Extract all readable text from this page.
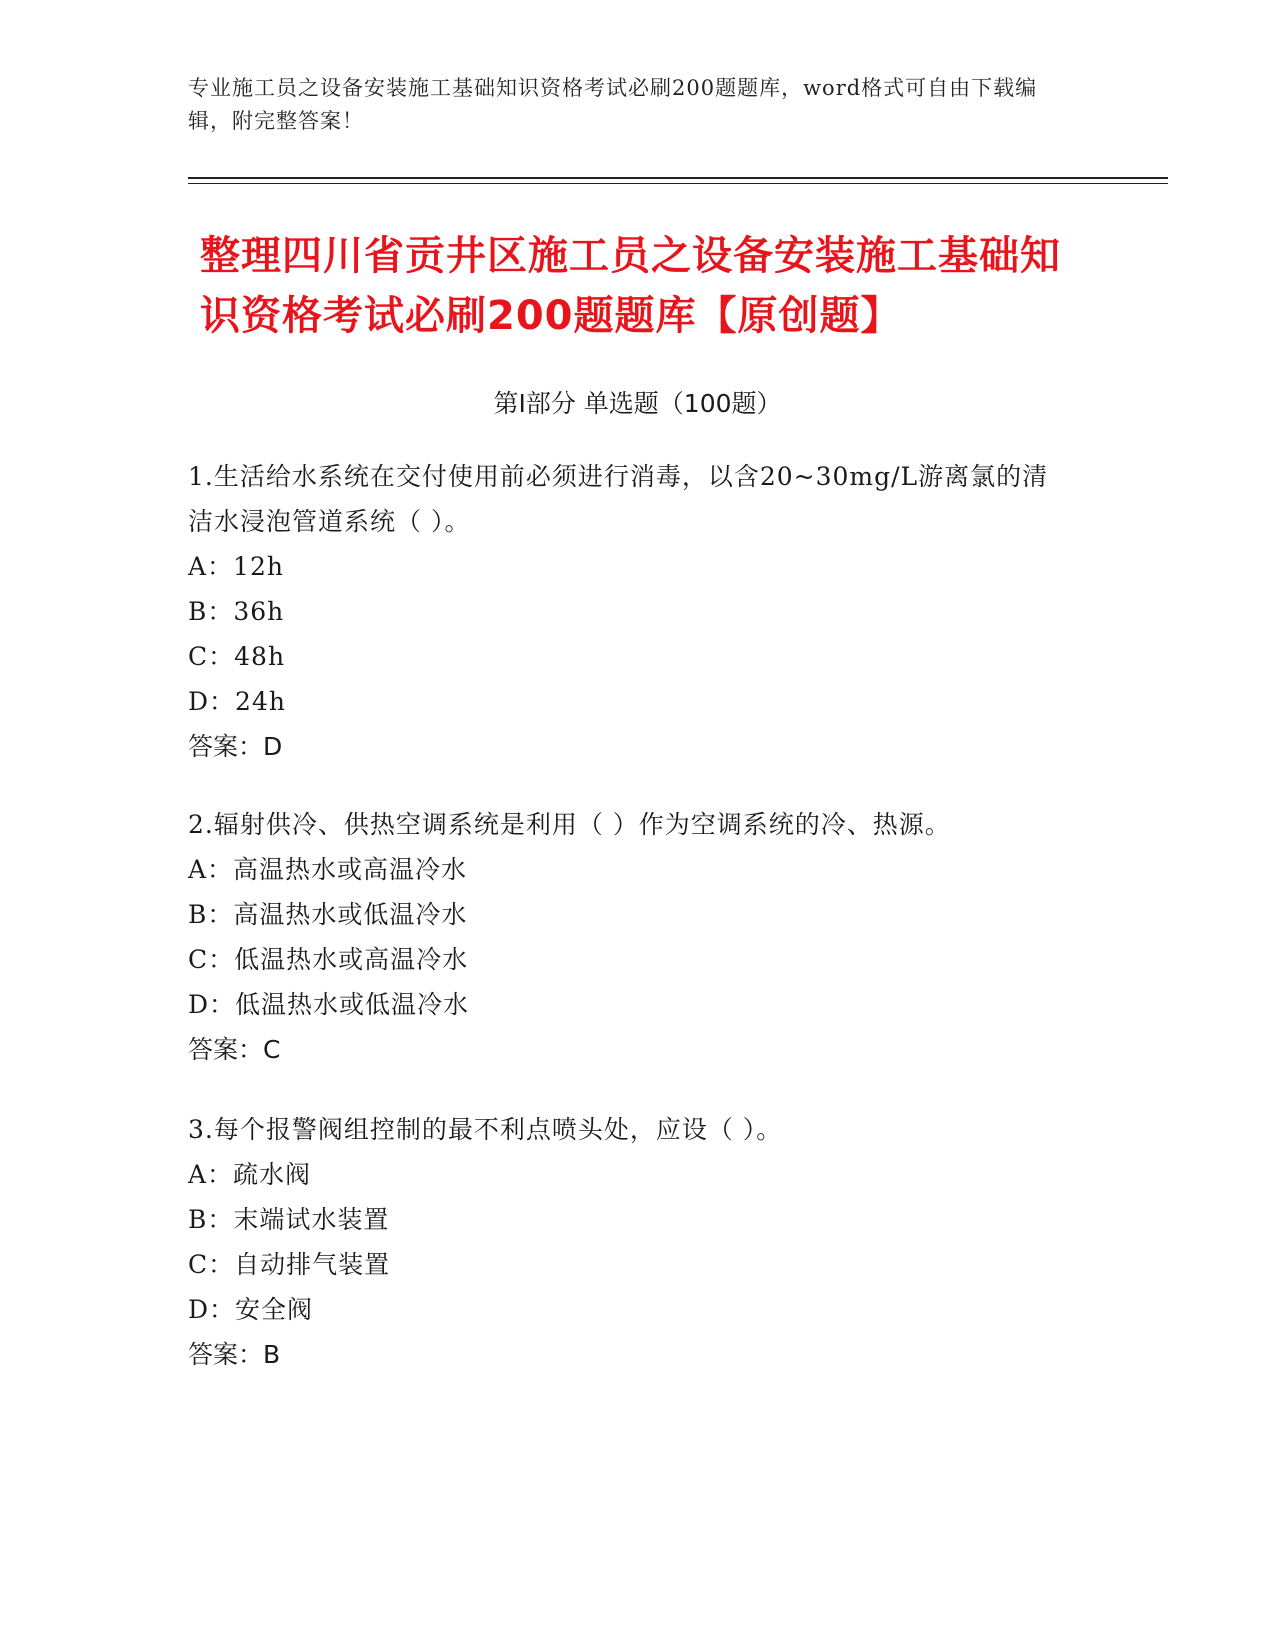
专业施工员之设备安装施工基础知识资格考试必刷200题题库，word格式可自由下载编辑，附完整答案！
整理四川省贡井区施工员之设备安装施工基础知识资格考试必刷200题题库【原创题】
第Ⅰ部分 单选题（100题）
1.生活给水系统在交付使用前必须进行消毒，以含20~30mg/L游离氯的清洁水浸泡管道系统（ ）。
A：12h
B：36h
C：48h
D：24h
答案：D
2.辐射供冷、供热空调系统是利用（ ）作为空调系统的冷、热源。
A：高温热水或高温冷水
B：高温热水或低温冷水
C：低温热水或高温冷水
D：低温热水或低温冷水
答案：C
3.每个报警阀组控制的最不利点喷头处，应设（ ）。
A：疏水阀
B：末端试水装置
C：自动排气装置
D：安全阀
答案：B
